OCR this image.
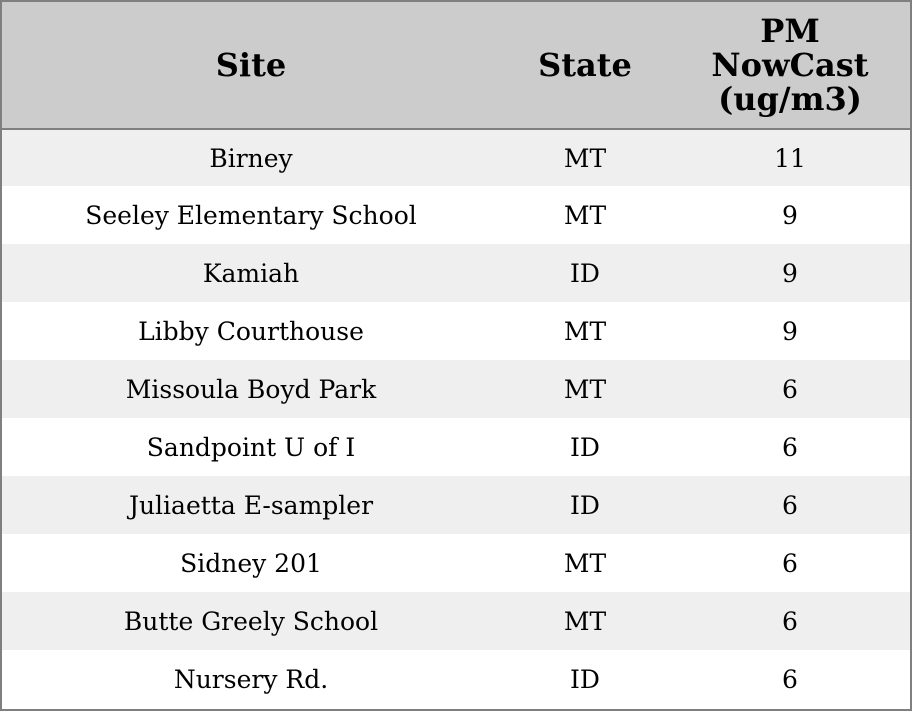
Site	State	PM
NowCast
(ug/m3)

Birney	MT	11
Seeley Elementary School	MT	9
Kamiah	ID	9
Libby Courthouse	MT	9
Missoula Boyd Park	MT	6
Sandpoint U of I	ID	6
Juliaetta E-sampler	ID	6
Sidney 201	MT	6
Butte Greely School	MT	6
Nursery Rd.	ID	6
